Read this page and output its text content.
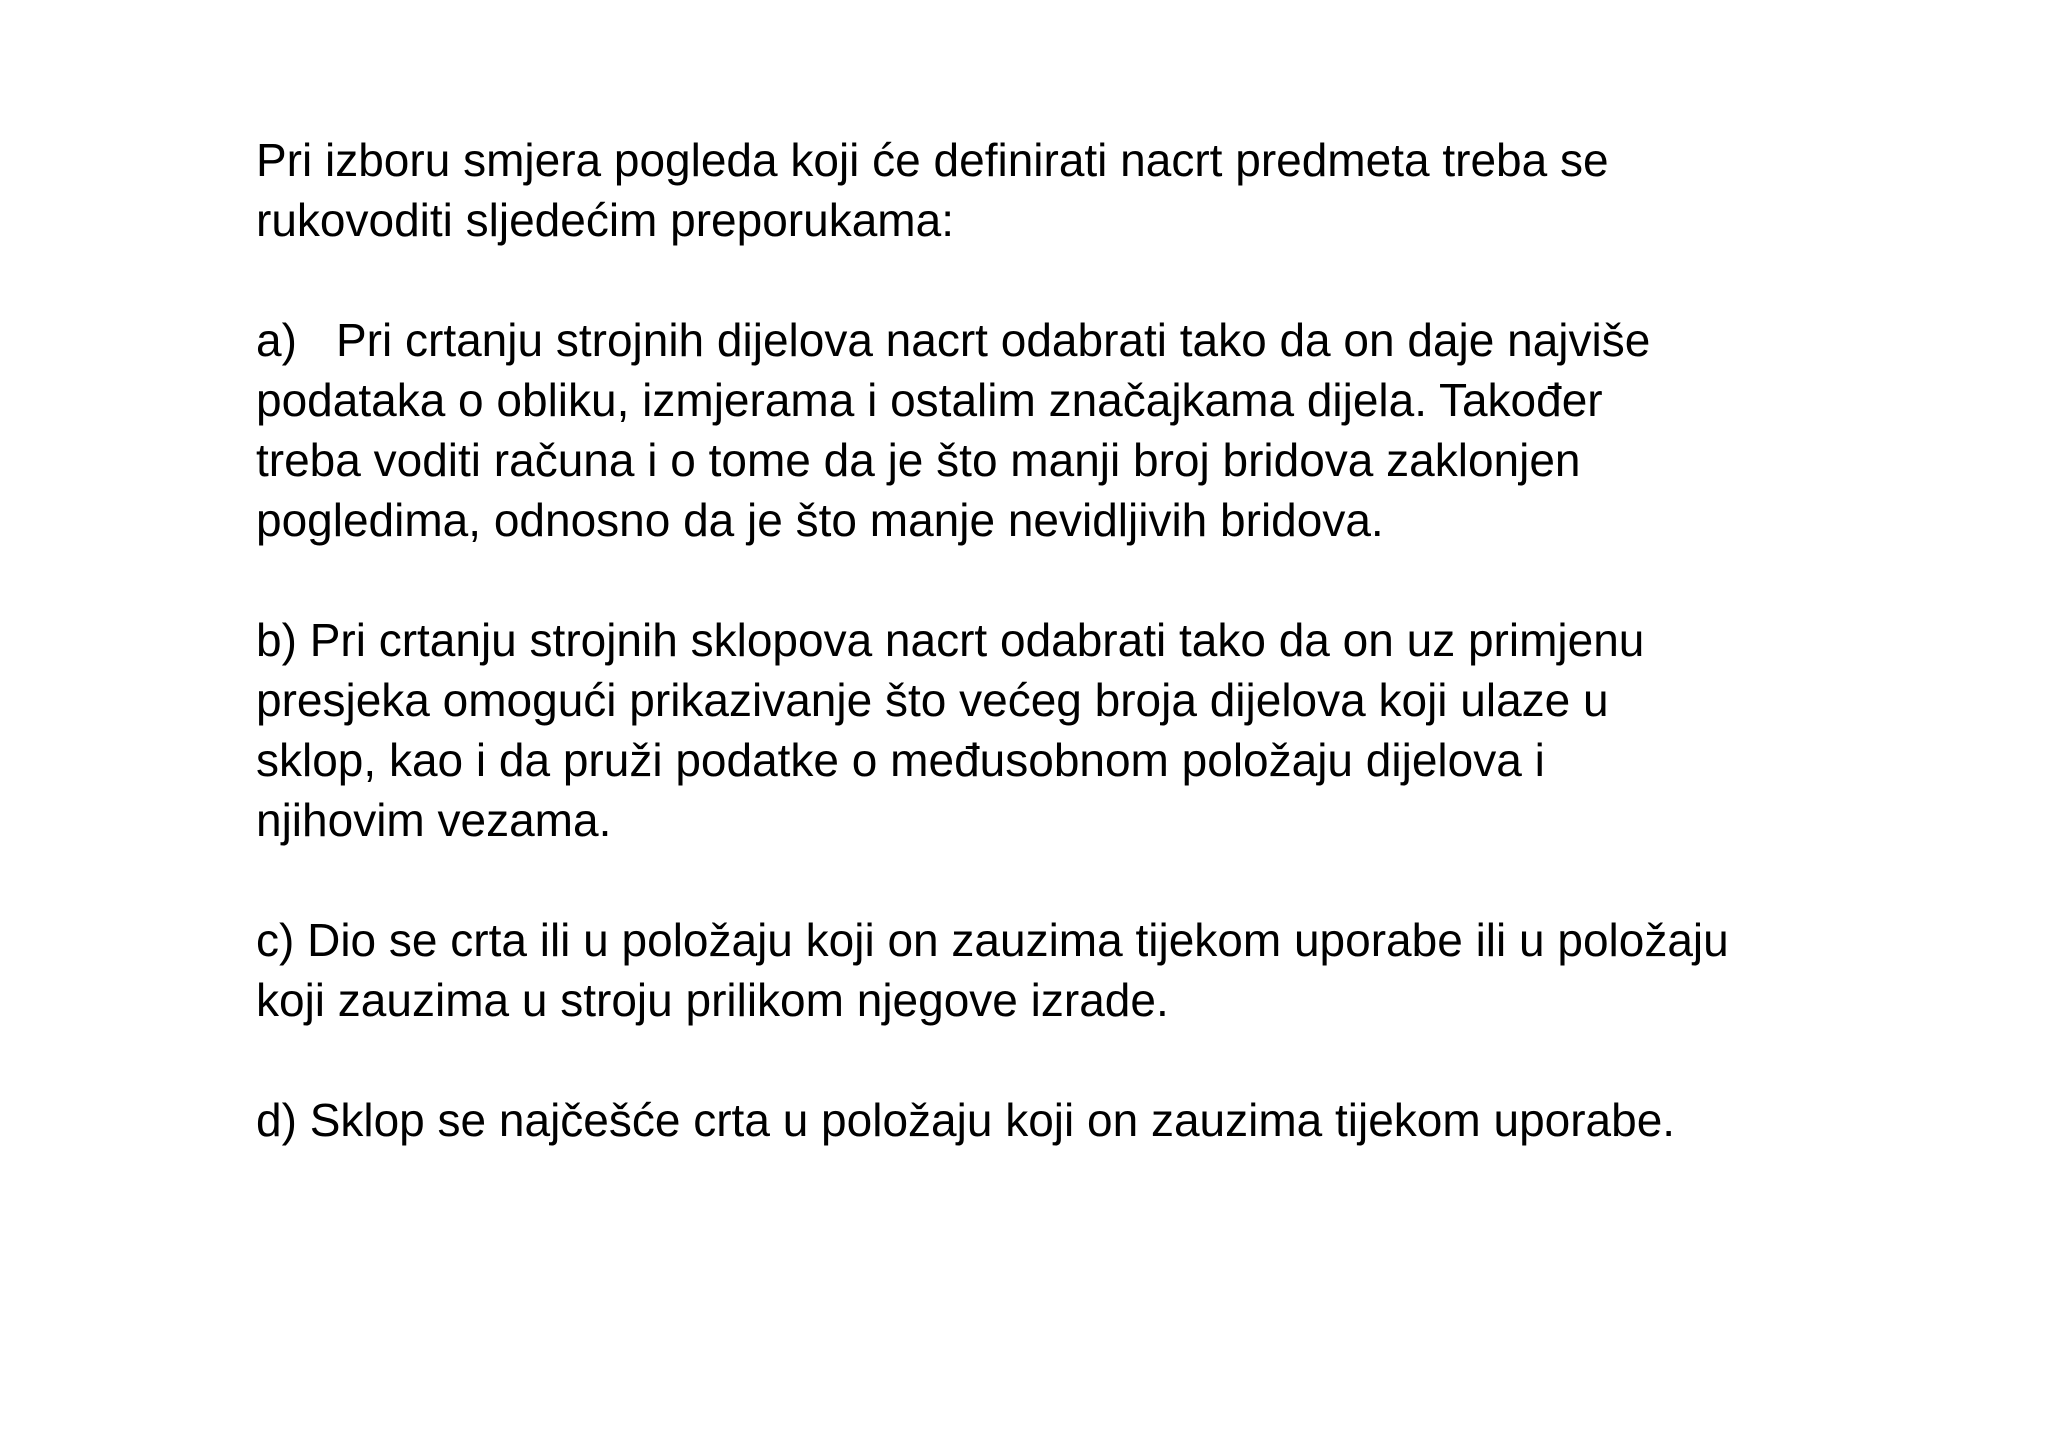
Pri izboru smjera pogleda koji će definirati nacrt predmeta treba se
rukovoditi sljedećim preporukama:

a) Pri crtanju strojnih dijelova nacrt odabrati tako da on daje najviše
podataka o obliku, izmjerama i ostalim značajkama dijela. Također
treba voditi računa i o tome da je što manji broj bridova zaklonjen
pogledima, odnosno da je što manje nevidljivih bridova.

b) Pri crtanju strojnih sklopova nacrt odabrati tako da on uz primjenu
presjeka omogući prikazivanje što većeg broja dijelova koji ulaze u
sklop, kao i da pruži podatke o međusobnom položaju dijelova i
njihovim vezama.

c) Dio se crta ili u položaju koji on zauzima tijekom uporabe ili u položaju
koji zauzima u stroju prilikom njegove izrade.

d) Sklop se najčešće crta u položaju koji on zauzima tijekom uporabe.
